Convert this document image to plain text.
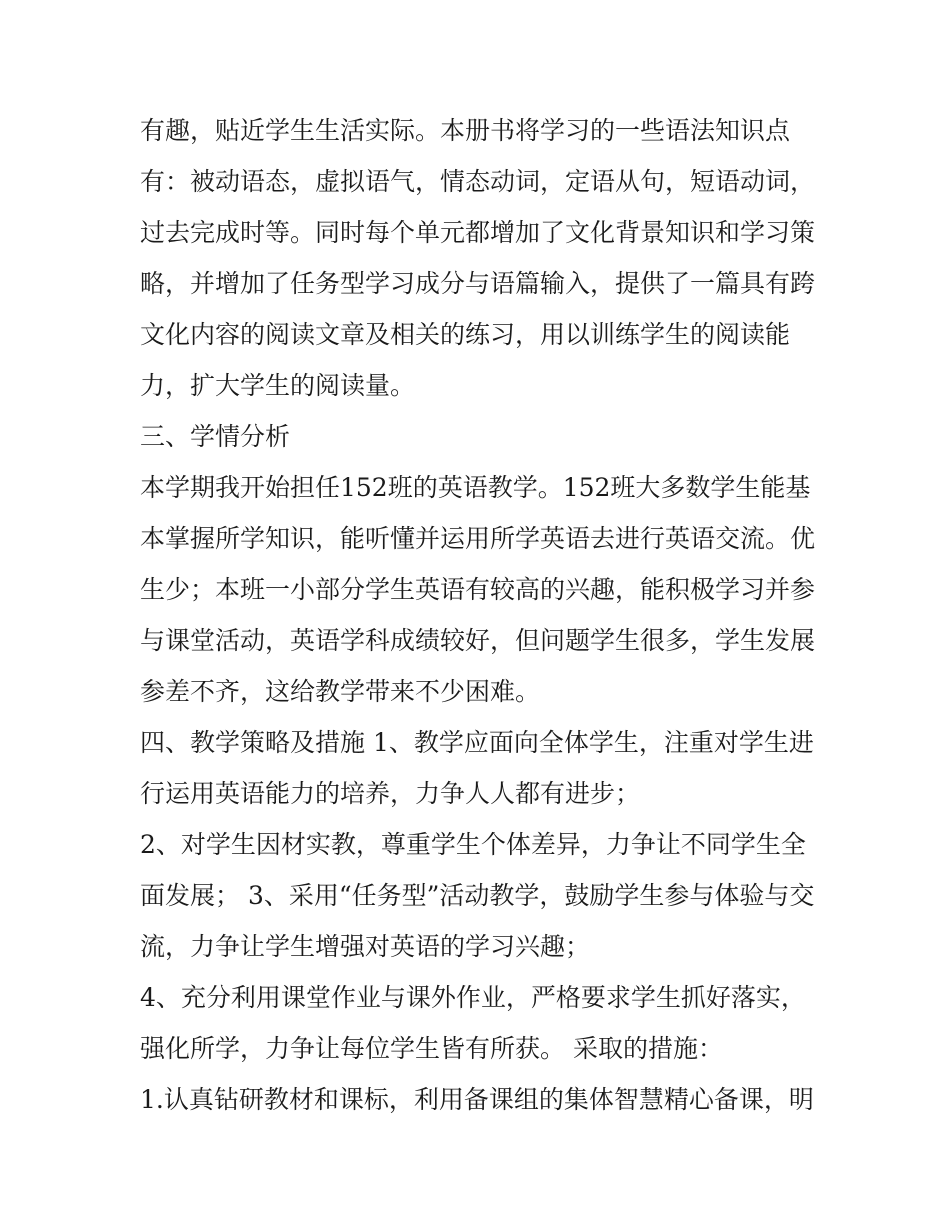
有趣，贴近学生生活实际。本册书将学习的一些语法知识点
有：被动语态，虚拟语气，情态动词，定语从句，短语动词，
过去完成时等。同时每个单元都增加了文化背景知识和学习策
略，并增加了任务型学习成分与语篇输入，提供了一篇具有跨
文化内容的阅读文章及相关的练习，用以训练学生的阅读能
力，扩大学生的阅读量。
三、学情分析
本学期我开始担任152班的英语教学。152班大多数学生能基
本掌握所学知识，能听懂并运用所学英语去进行英语交流。优
生少；本班一小部分学生英语有较高的兴趣，能积极学习并参
与课堂活动，英语学科成绩较好，但问题学生很多，学生发展
参差不齐，这给教学带来不少困难。
四、教学策略及措施 1、教学应面向全体学生，注重对学生进
行运用英语能力的培养，力争人人都有进步；
2、对学生因材实教，尊重学生个体差异，力争让不同学生全
面发展； 3、采用“任务型”活动教学，鼓励学生参与体验与交
流，力争让学生增强对英语的学习兴趣；
4、充分利用课堂作业与课外作业，严格要求学生抓好落实，
强化所学，力争让每位学生皆有所获。 采取的措施：
1.认真钻研教材和课标，利用备课组的集体智慧精心备课，明
